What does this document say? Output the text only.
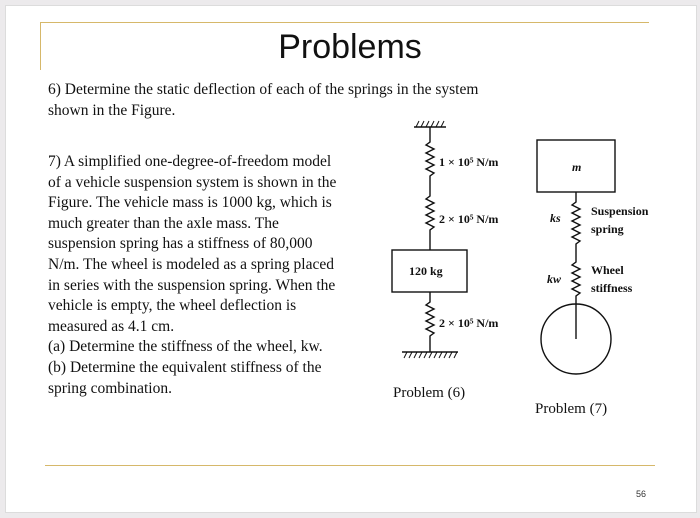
Problems
6) Determine the static deflection of each of the springs in the system shown in the Figure.
7) A simplified one-degree-of-freedom model
of a vehicle suspension system is shown in the
Figure. The vehicle mass is 1000 kg, which is
much greater than the axle mass. The
suspension spring has a stiffness of 80,000
N/m. The wheel is modeled as a spring placed
in series with the suspension spring. When the
vehicle is empty, the wheel deflection is
measured as 4.1 cm.
(a) Determine the stiffness of the wheel, kw.
(b) Determine the equivalent stiffness of the
spring combination.
1 × 10⁵ N/m
2 × 10⁵ N/m
120 kg
2 × 10⁵ N/m
m
ks
kw
Suspension
spring
Wheel
stiffness
Problem (6)
Problem (7)
56
